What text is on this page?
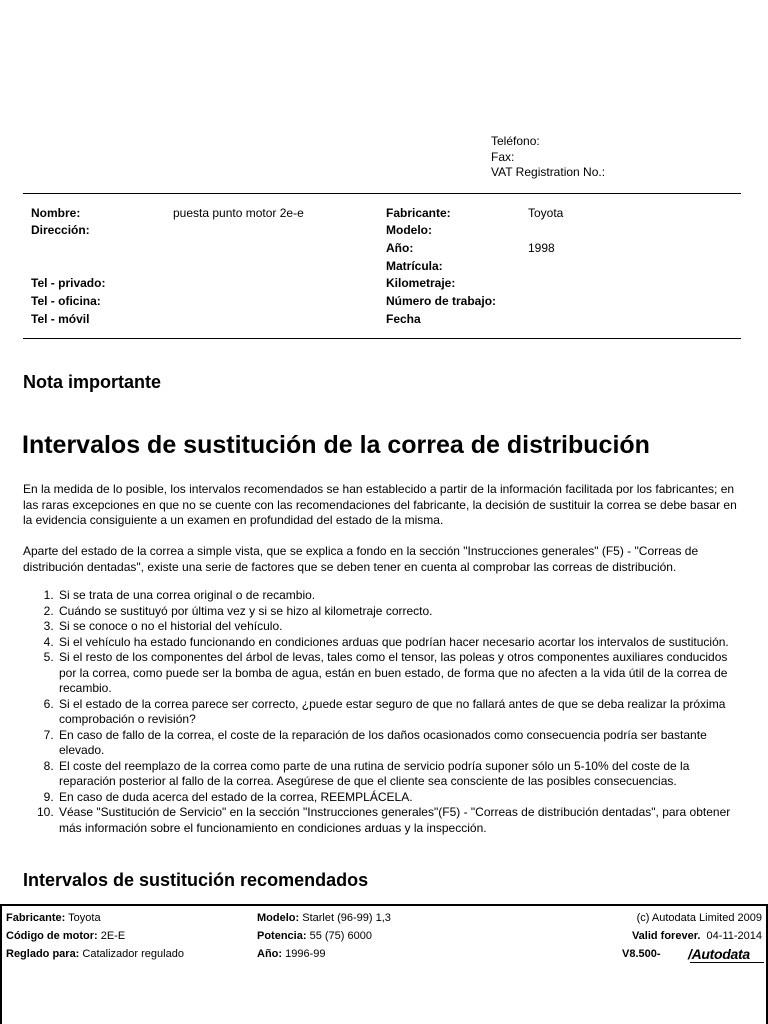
Teléfono:
Fax:
VAT Registration No.:
Nombre:	puesta punto motor 2e-e
Dirección:
Tel - privado:
Tel - oficina:
Tel - móvil
Fabricante:	Toyota
Modelo:
Año:	1998
Matrícula:
Kilometraje:
Número de trabajo:
Fecha
Nota importante
Intervalos de sustitución de la correa de distribución
En la medida de lo posible, los intervalos recomendados se han establecido a partir de la información facilitada por los fabricantes; en las raras excepciones en que no se cuente con las recomendaciones del fabricante, la decisión de sustituir la correa se debe basar en la evidencia consiguiente a un examen en profundidad del estado de la misma.
Aparte del estado de la correa a simple vista, que se explica a fondo en la sección "Instrucciones generales" (F5) - "Correas de distribución dentadas", existe una serie de factores que se deben tener en cuenta al comprobar las correas de distribución.
1. Si se trata de una correa original o de recambio.
2. Cuándo se sustituyó por última vez y si se hizo al kilometraje correcto.
3. Si se conoce o no el historial del vehículo.
4. Si el vehículo ha estado funcionando en condiciones arduas que podrían hacer necesario acortar los intervalos de sustitución.
5. Si el resto de los componentes del árbol de levas, tales como el tensor, las poleas y otros componentes auxiliares conducidos por la correa, como puede ser la bomba de agua, están en buen estado, de forma que no afecten a la vida útil de la correa de recambio.
6. Si el estado de la correa parece ser correcto, ¿puede estar seguro de que no fallará antes de que se deba realizar la próxima comprobación o revisión?
7. En caso de fallo de la correa, el coste de la reparación de los daños ocasionados como consecuencia podría ser bastante elevado.
8. El coste del reemplazo de la correa como parte de una rutina de servicio podría suponer sólo un 5-10% del coste de la reparación posterior al fallo de la correa. Asegúrese de que el cliente sea consciente de las posibles consecuencias.
9. En caso de duda acerca del estado de la correa, REEMPLÁCELA.
10. Véase "Sustitución de Servicio" en la sección "Instrucciones generales"(F5) - "Correas de distribución dentadas", para obtener más información sobre el funcionamiento en condiciones arduas y la inspección.
Intervalos de sustitución recomendados
Fabricante: Toyota
Código de motor: 2E-E
Reglado para: Catalizador regulado
Modelo: Starlet (96-99) 1,3
Potencia: 55 (75) 6000
Año: 1996-99
(c) Autodata Limited 2009
Valid forever. 04-11-2014
V8.500- /Autodata
